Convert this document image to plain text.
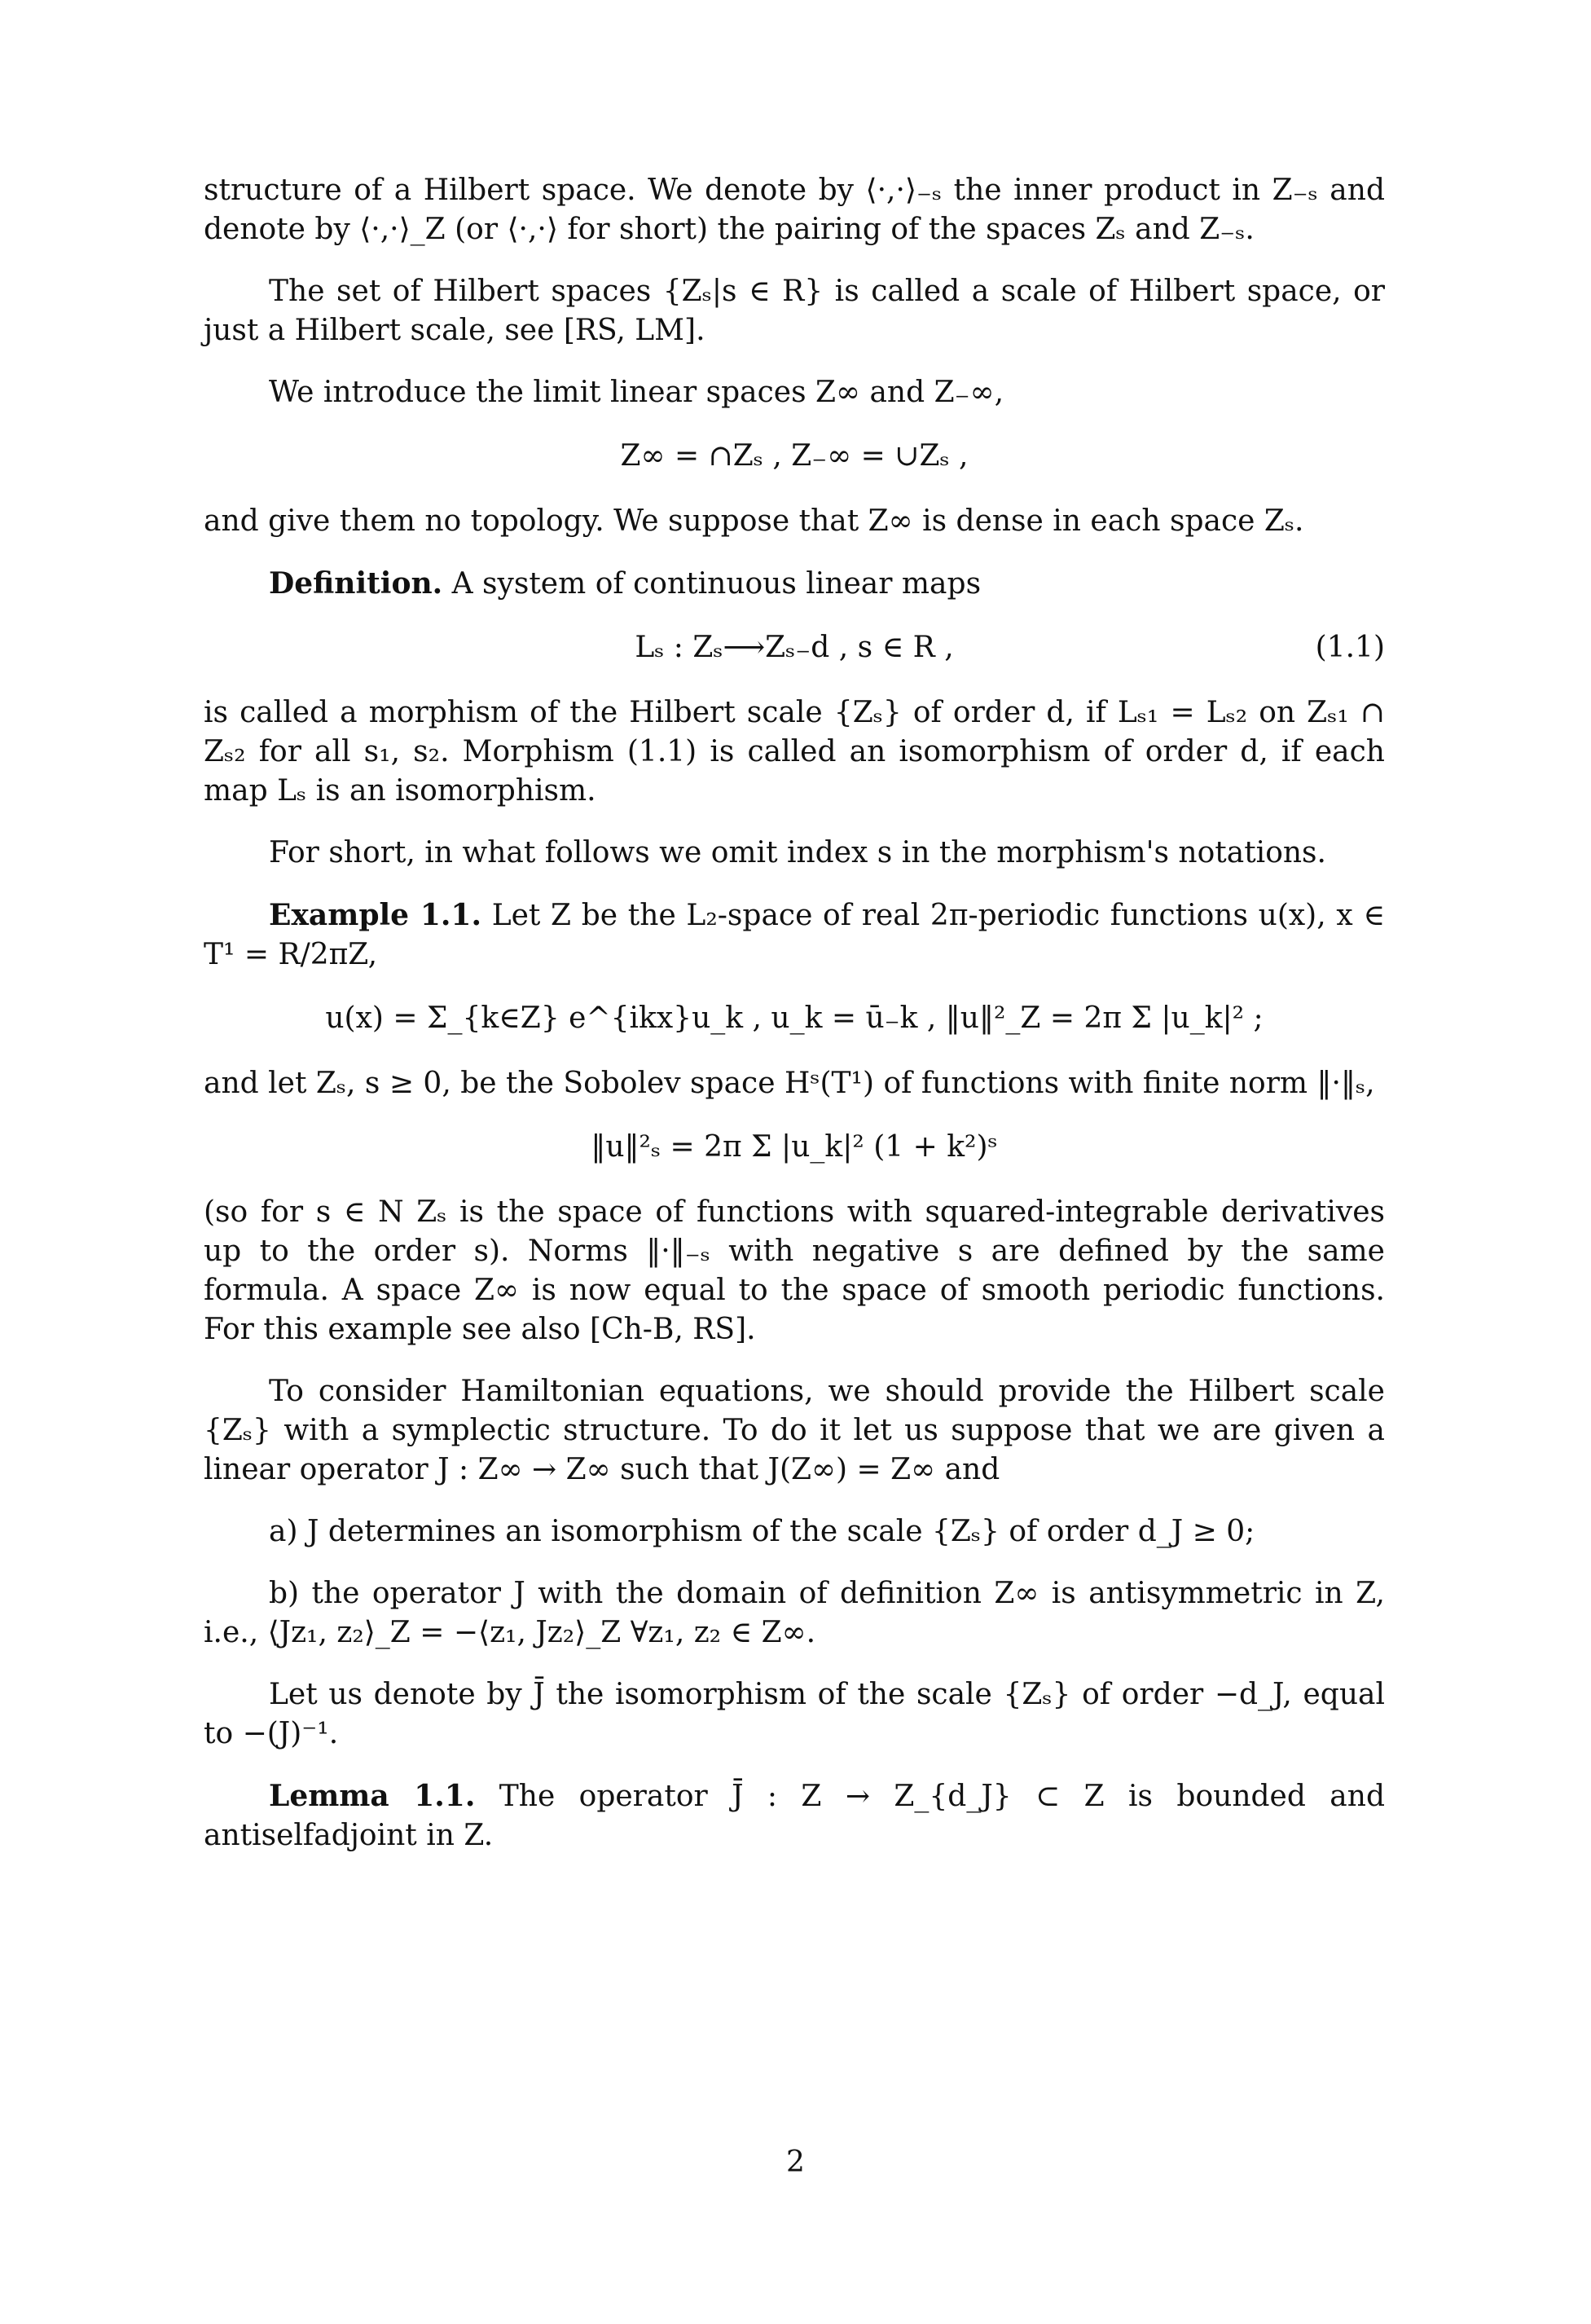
structure of a Hilbert space. We denote by ⟨·,·⟩₋ₛ the inner product in Z₋ₛ and denote by ⟨·,·⟩_Z (or ⟨·,·⟩ for short) the pairing of the spaces Zₛ and Z₋ₛ.

The set of Hilbert spaces {Zₛ|s ∈ R} is called a scale of Hilbert space, or just a Hilbert scale, see [RS, LM].

We introduce the limit linear spaces Z∞ and Z₋∞,

Z∞ = ∩Zₛ , Z₋∞ = ∪Zₛ ,

and give them no topology. We suppose that Z∞ is dense in each space Zₛ.

Definition. A system of continuous linear maps

Lₛ : Zₛ⟶Zₛ₋d , s ∈ R ,	(1.1)

is called a morphism of the Hilbert scale {Zₛ} of order d, if Lₛ₁ = Lₛ₂ on Zₛ₁ ∩ Zₛ₂ for all s₁, s₂. Morphism (1.1) is called an isomorphism of order d, if each map Lₛ is an isomorphism.

For short, in what follows we omit index s in the morphism's notations.

Example 1.1. Let Z be the L₂-space of real 2π-periodic functions u(x), x ∈ T¹ = R/2πZ,

u(x) = Σ_{k∈Z} e^{ikx}u_k , u_k = ū₋k , ‖u‖²_Z = 2π Σ |u_k|² ;

and let Zₛ, s ≥ 0, be the Sobolev space Hˢ(T¹) of functions with finite norm ‖·‖ₛ,

‖u‖²ₛ = 2π Σ |u_k|² (1 + k²)ˢ

(so for s ∈ N Zₛ is the space of functions with squared-integrable derivatives up to the order s). Norms ‖·‖₋ₛ with negative s are defined by the same formula. A space Z∞ is now equal to the space of smooth periodic functions. For this example see also [Ch-B, RS].

To consider Hamiltonian equations, we should provide the Hilbert scale {Zₛ} with a symplectic structure. To do it let us suppose that we are given a linear operator J : Z∞ → Z∞ such that J(Z∞) = Z∞ and

a) J determines an isomorphism of the scale {Zₛ} of order d_J ≥ 0;

b) the operator J with the domain of definition Z∞ is antisymmetric in Z, i.e., ⟨Jz₁, z₂⟩_Z = −⟨z₁, Jz₂⟩_Z ∀z₁, z₂ ∈ Z∞.

Let us denote by J̄ the isomorphism of the scale {Zₛ} of order −d_J, equal to −(J)⁻¹.

Lemma 1.1. The operator J̄ : Z → Z_{d_J} ⊂ Z is bounded and antiselfadjoint in Z.

2
